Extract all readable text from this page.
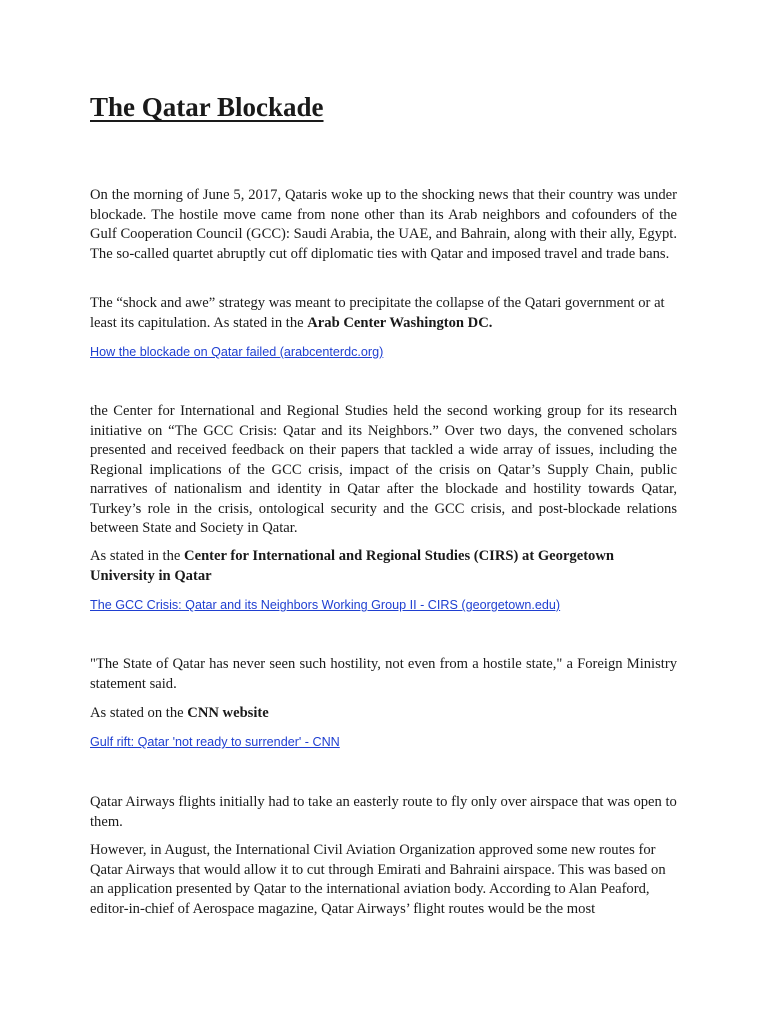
The Qatar Blockade

On the morning of June 5, 2017, Qataris woke up to the shocking news that their country was under blockade. The hostile move came from none other than its Arab neighbors and cofounders of the Gulf Cooperation Council (GCC): Saudi Arabia, the UAE, and Bahrain, along with their ally, Egypt. The so-called quartet abruptly cut off diplomatic ties with Qatar and imposed travel and trade bans.

The “shock and awe” strategy was meant to precipitate the collapse of the Qatari government or at least its capitulation. As stated in the Arab Center Washington DC.

How the blockade on Qatar failed (arabcenterdc.org)

the Center for International and Regional Studies held the second working group for its research initiative on “The GCC Crisis: Qatar and its Neighbors.” Over two days, the convened scholars presented and received feedback on their papers that tackled a wide array of issues, including the Regional implications of the GCC crisis, impact of the crisis on Qatar’s Supply Chain, public narratives of nationalism and identity in Qatar after the blockade and hostility towards Qatar, Turkey’s role in the crisis, ontological security and the GCC crisis, and post-blockade relations between State and Society in Qatar.

As stated in the Center for International and Regional Studies (CIRS) at Georgetown University in Qatar

The GCC Crisis: Qatar and its Neighbors Working Group II - CIRS (georgetown.edu)

"The State of Qatar has never seen such hostility, not even from a hostile state," a Foreign Ministry statement said.

As stated on the CNN website

Gulf rift: Qatar 'not ready to surrender' - CNN

Qatar Airways flights initially had to take an easterly route to fly only over airspace that was open to them.

However, in August, the International Civil Aviation Organization approved some new routes for Qatar Airways that would allow it to cut through Emirati and Bahraini airspace. This was based on an application presented by Qatar to the international aviation body. According to Alan Peaford, editor-in-chief of Aerospace magazine, Qatar Airways’ flight routes would be the most
